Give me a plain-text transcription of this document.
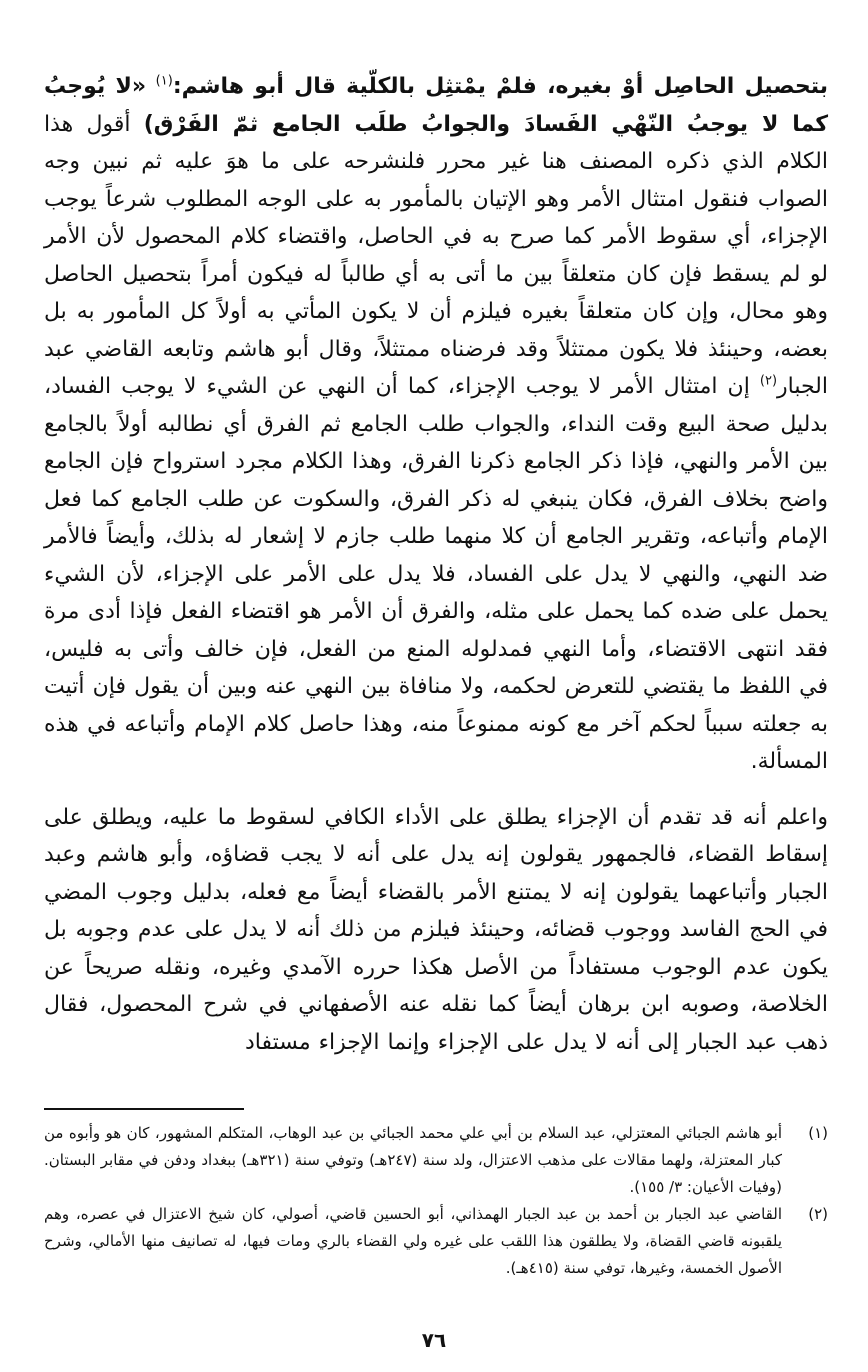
بتحصيل الحاصِل أوْ بغيره، فلمْ يمْتثِل بالكلّية قال أبو هاشم:$^{(١)}$ «لا يُوجبُ كما لا يوجبُ النّهْي الفَسادَ والجوابُ طلَب الجامع ثمّ الفَرْق) أقول هذا الكلام الذي ذكره المصنف هنا غير محرر فلنشرحه على ما هوَ عليه ثم نبين وجه الصواب فنقول امتثال الأمر وهو الإتيان بالمأمور به على الوجه المطلوب شرعاً يوجب الإجزاء، أي سقوط الأمر كما صرح به في الحاصل، واقتضاء كلام المحصول لأن الأمر لو لم يسقط فإن كان متعلقاً بين ما أتى به أي طالباً له فيكون أمراً بتحصيل الحاصل وهو محال، وإن كان متعلقاً بغيره فيلزم أن لا يكون المأتي به أولاً كل المأمور به بل بعضه، وحينئذ فلا يكون ممتثلاً وقد فرضناه ممتثلاً، وقال أبو هاشم وتابعه القاضي عبد الجبار$^{(٢)}$ إن امتثال الأمر لا يوجب الإجزاء، كما أن النهي عن الشيء لا يوجب الفساد، بدليل صحة البيع وقت النداء، والجواب طلب الجامع ثم الفرق أي نطالبه أولاً بالجامع بين الأمر والنهي، فإذا ذكر الجامع ذكرنا الفرق، وهذا الكلام مجرد استرواح فإن الجامع واضح بخلاف الفرق، فكان ينبغي له ذكر الفرق، والسكوت عن طلب الجامع كما فعل الإمام وأتباعه، وتقرير الجامع أن كلا منهما طلب جازم لا إشعار له بذلك، وأيضاً فالأمر ضد النهي، والنهي لا يدل على الفساد، فلا يدل على الأمر على الإجزاء، لأن الشيء يحمل على ضده كما يحمل على مثله، والفرق أن الأمر هو اقتضاء الفعل فإذا أدى مرة فقد انتهى الاقتضاء، وأما النهي فمدلوله المنع من الفعل، فإن خالف وأتى به فليس، في اللفظ ما يقتضي للتعرض لحكمه، ولا منافاة بين النهي عنه وبين أن يقول فإن أتيت به جعلته سبباً لحكم آخر مع كونه ممنوعاً منه، وهذا حاصل كلام الإمام وأتباعه في هذه المسألة.

واعلم أنه قد تقدم أن الإجزاء يطلق على الأداء الكافي لسقوط ما عليه، ويطلق على إسقاط القضاء، فالجمهور يقولون إنه يدل على أنه لا يجب قضاؤه، وأبو هاشم وعبد الجبار وأتباعهما يقولون إنه لا يمتنع الأمر بالقضاء أيضاً مع فعله، بدليل وجوب المضي في الحج الفاسد ووجوب قضائه، وحينئذ فيلزم من ذلك أنه لا يدل على عدم وجوبه بل يكون عدم الوجوب مستفاداً من الأصل هكذا حرره الآمدي وغيره، ونقله صريحاً عن الخلاصة، وصوبه ابن برهان أيضاً كما نقله عنه الأصفهاني في شرح المحصول، فقال ذهب عبد الجبار إلى أنه لا يدل على الإجزاء وإنما الإجزاء مستفاد

(١)
أبو هاشم الجبائي المعتزلي، عبد السلام بن أبي علي محمد الجبائي بن عبد الوهاب، المتكلم المشهور، كان هو وأبوه من كبار المعتزلة، ولهما مقالات على مذهب الاعتزال، ولد سنة (٢٤٧هـ) وتوفي سنة (٣٢١هـ) ببغداد ودفن في مقابر البستان. (وفيات الأعيان: ٣/ ١٥٥).
(٢)
القاضي عبد الجبار بن أحمد بن عبد الجبار الهمذاني، أبو الحسين قاضي، أصولي، كان شيخ الاعتزال في عصره، وهم يلقبونه قاضي القضاة، ولا يطلقون هذا اللقب على غيره ولي القضاء بالري ومات فيها، له تصانيف منها الأمالي، وشرح الأصول الخمسة، وغيرها، توفي سنة (٤١٥هـ).
٧٦
